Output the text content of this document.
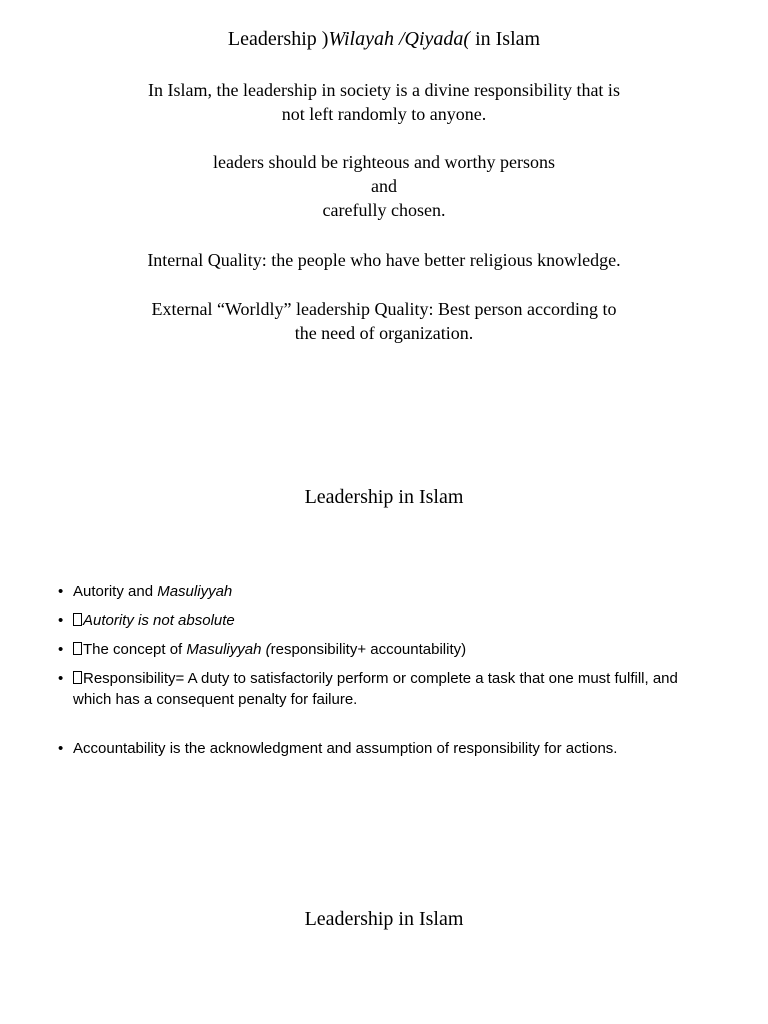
Leadership )Wilayah /Qiyada( in Islam
In Islam, the leadership in society is a divine responsibility that is
not left randomly to anyone.
leaders should be righteous and worthy persons
and
carefully chosen.
Internal Quality: the people who have better religious knowledge.
External “Worldly” leadership Quality: Best person according to
the need of organization.
Leadership in Islam
• Autority and Masuliyyah
• Autority is not absolute
• The concept of Masuliyyah (responsibility+ accountability)
• Responsibility= A duty to satisfactorily perform or complete a task that one must fulfill, and which has a consequent penalty for failure.
• Accountability is the acknowledgment and assumption of responsibility for actions.
Leadership in Islam
